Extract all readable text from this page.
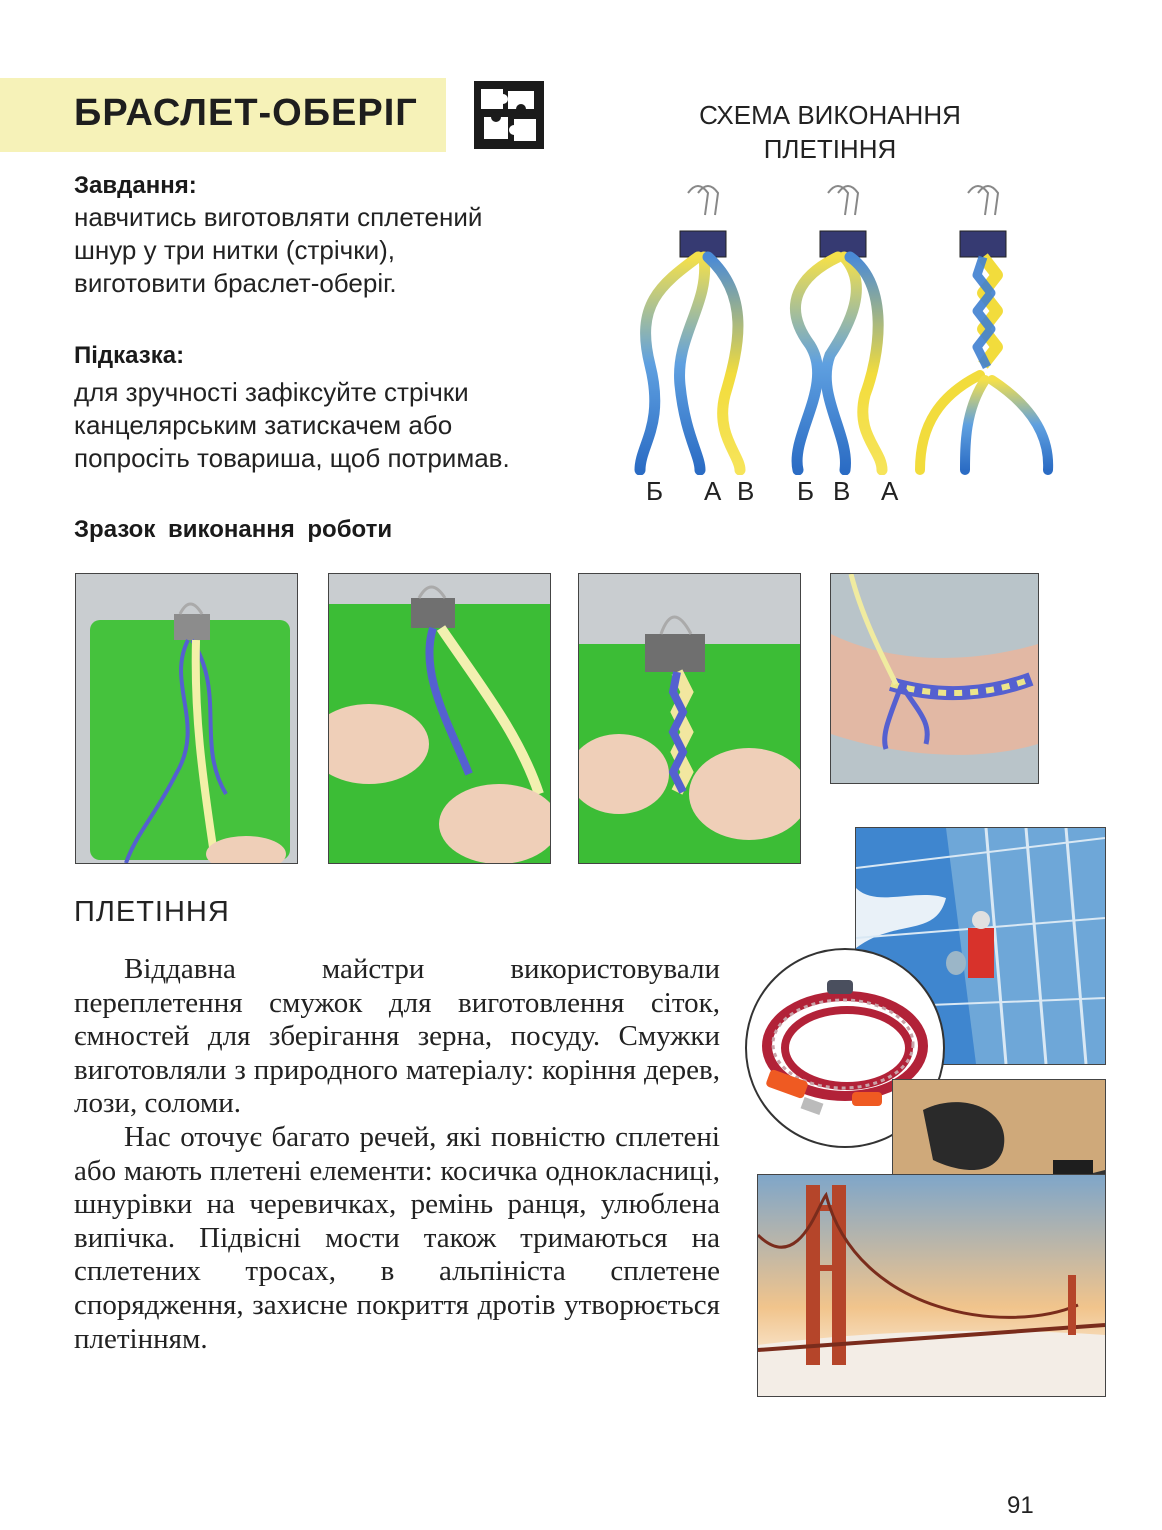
БРАСЛЕТ-ОБЕРІГ	СХЕМА ВИКОНАННЯ
ПЛЕТІННЯ
Б А В Б В А
Завдання:
навчитись виготовляти сплетений
шнур у три нитки (стрічки),
виготовити браслет-оберіг.
Підказка:
для зручності зафіксуйте стрічки
канцелярським затискачем або
попросіть товариша, щоб потримав.
Зразок виконання роботи
ПЛЕТІННЯ

Віддавна майстри використовували переплетення смужок для виготовлення сіток, ємностей для зберігання зерна, посуду. Смужки виготовляли з природного матеріалу: коріння дерев, лози, соломи.

Нас оточує багато речей, які повністю сплетені або мають плетені елементи: косичка однокласниці, шнурівки на черевичках, ремінь ранця, улюблена випічка. Підвісні мости також тримаються на сплетених тросах, в альпініста сплетене спорядження, захисне покриття дротів утворюється плетінням.

91
